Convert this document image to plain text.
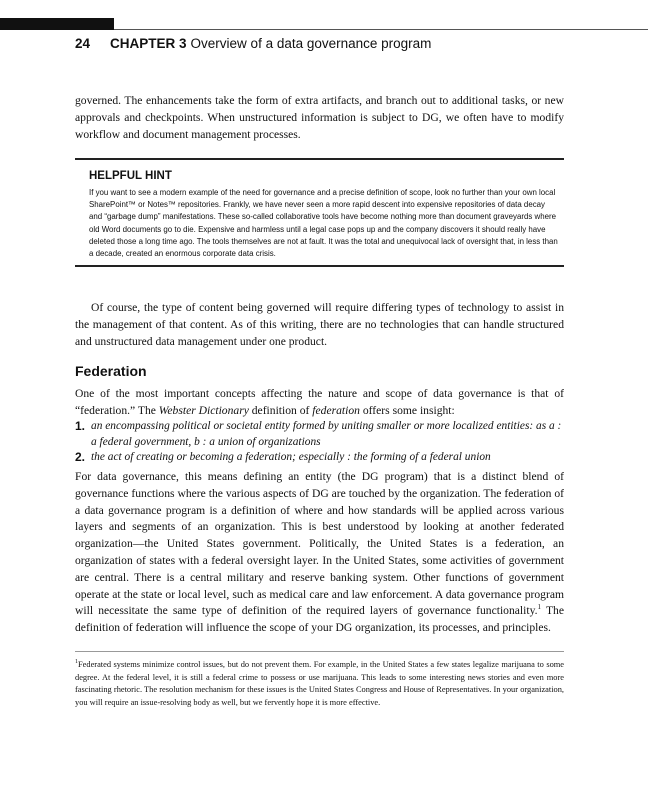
24 CHAPTER 3 Overview of a data governance program

governed. The enhancements take the form of extra artifacts, and branch out to additional tasks, or new approvals and checkpoints. When unstructured information is subject to DG, we often have to modify workflow and document management processes.

HELPFUL HINT

If you want to see a modern example of the need for governance and a precise definition of scope, look no further than your own local SharePoint™ or Notes™ repositories. Frankly, we have never seen a more rapid descent into expensive repositories of data decay and “garbage dump” manifestations. These so-called collaborative tools have become nothing more than document graveyards where old Word documents go to die. Expensive and harmless until a legal case pops up and the company discovers it should really have deleted those a long time ago. The tools themselves are not at fault. It was the total and unequivocal lack of oversight that, in less than a decade, created an enormous corporate data crisis.

Of course, the type of content being governed will require differing types of technology to assist in the management of that content. As of this writing, there are no technologies that can handle structured and unstructured data management under one product.

Federation

One of the most important concepts affecting the nature and scope of data governance is that of “federation.” The Webster Dictionary definition of federation offers some insight:

1. an encompassing political or societal entity formed by uniting smaller or more localized entities: as a : a federal government, b : a union of organizations
2. the act of creating or becoming a federation; especially : the forming of a federal union

For data governance, this means defining an entity (the DG program) that is a distinct blend of governance functions where the various aspects of DG are touched by the organization. The federation of a data governance program is a definition of where and how standards will be applied across various layers and segments of an organization. This is best understood by looking at another federated organization—the United States government. Politically, the United States is a federation, an organization of states with a federal oversight layer. In the United States, some activities of government are central. There is a central military and reserve banking system. Other functions of government operate at the state or local level, such as medical care and law enforcement. A data governance program will necessitate the same type of definition of the required layers of governance functionality.$^1$ The definition of federation will influence the scope of your DG organization, its processes, and principles.

$^1$Federated systems minimize control issues, but do not prevent them. For example, in the United States a few states legalize marijuana to some degree. At the federal level, it is still a federal crime to possess or use marijuana. This leads to some interesting news stories and even more fascinating rhetoric. The resolution mechanism for these issues is the United States Congress and House of Representatives. In your organization, you will require an issue-resolving body as well, but we fervently hope it is more effective.
